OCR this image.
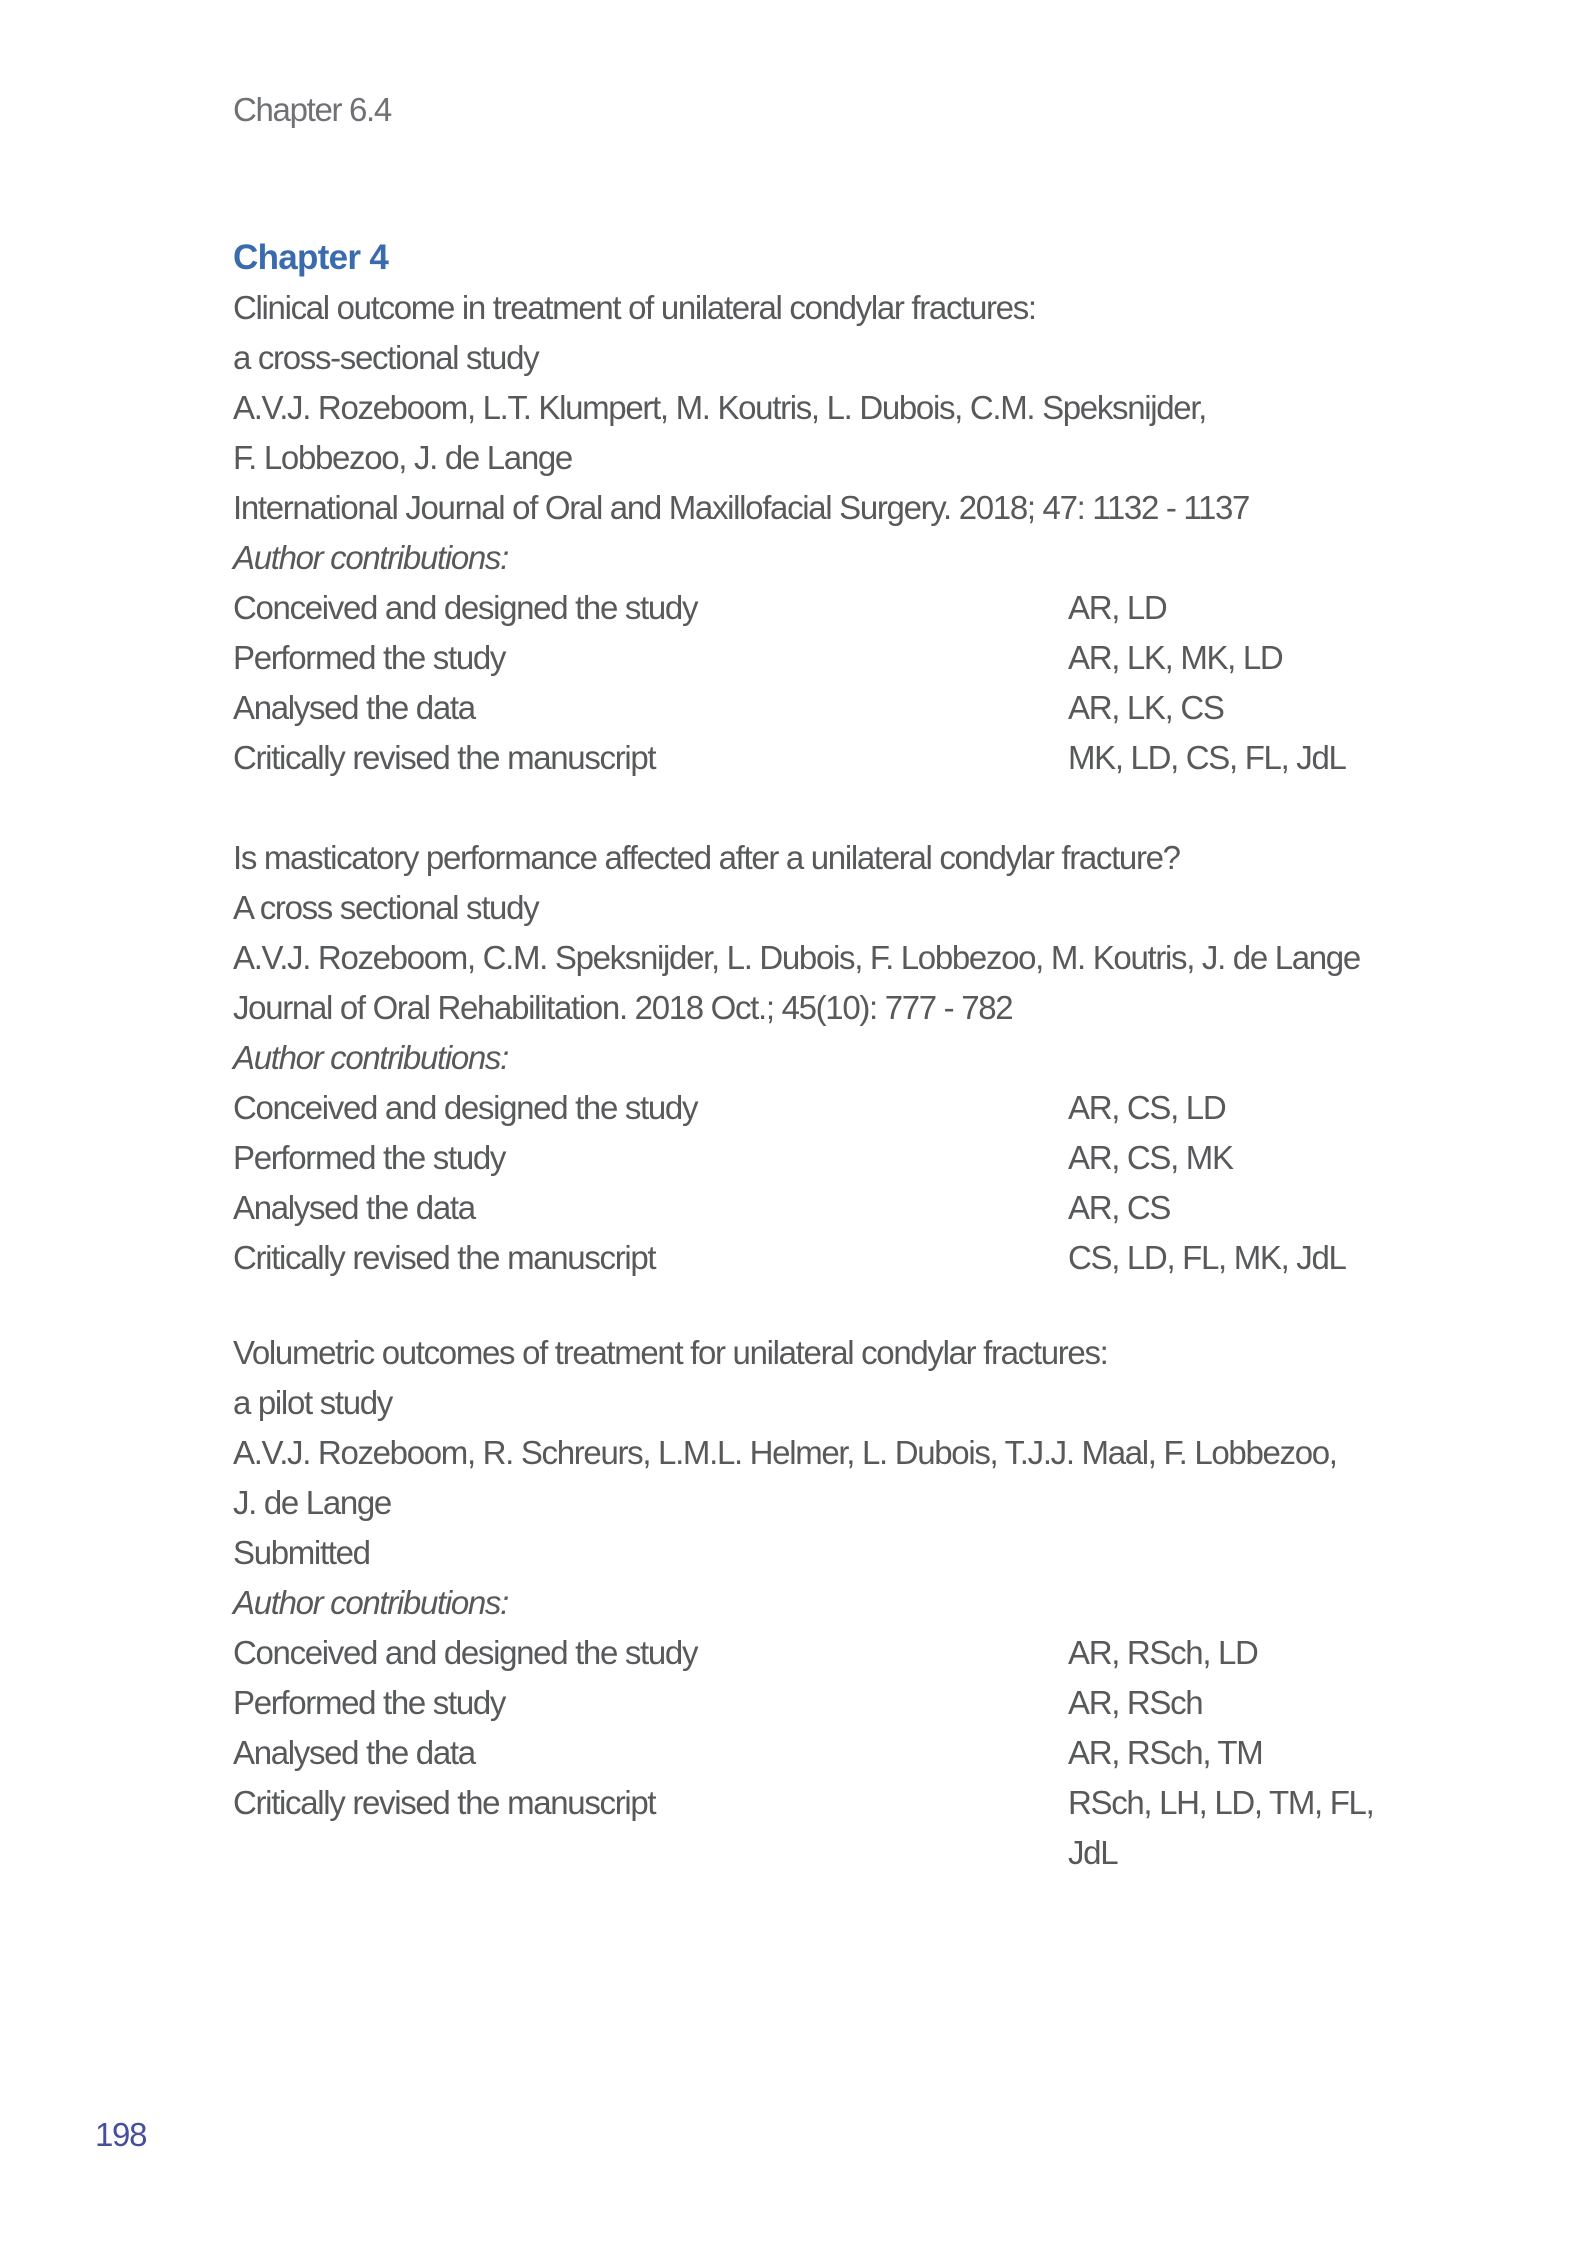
Chapter 6.4
Chapter 4
Clinical outcome in treatment of unilateral condylar fractures:
a cross-sectional study
A.V.J. Rozeboom, L.T. Klumpert, M. Koutris, L. Dubois, C.M. Speksnijder,
F. Lobbezoo, J. de Lange
International Journal of Oral and Maxillofacial Surgery. 2018; 47: 1132 - 1137
Author contributions:
Conceived and designed the study	AR, LD
Performed the study	AR, LK, MK, LD
Analysed the data	AR, LK, CS
Critically revised the manuscript	MK, LD, CS, FL, JdL
Is masticatory performance affected after a unilateral condylar fracture?
A cross sectional study
A.V.J. Rozeboom, C.M. Speksnijder, L. Dubois, F. Lobbezoo, M. Koutris, J. de Lange
Journal of Oral Rehabilitation. 2018 Oct.; 45(10): 777 - 782
Author contributions:
Conceived and designed the study	AR, CS, LD
Performed the study	AR, CS, MK
Analysed the data	AR, CS
Critically revised the manuscript	CS, LD, FL, MK, JdL
Volumetric outcomes of treatment for unilateral condylar fractures:
a pilot study
A.V.J. Rozeboom, R. Schreurs, L.M.L. Helmer, L. Dubois, T.J.J. Maal, F. Lobbezoo,
J. de Lange
Submitted
Author contributions:
Conceived and designed the study	AR, RSch, LD
Performed the study	AR, RSch
Analysed the data	AR, RSch, TM
Critically revised the manuscript	RSch, LH, LD, TM, FL,
JdL
198
